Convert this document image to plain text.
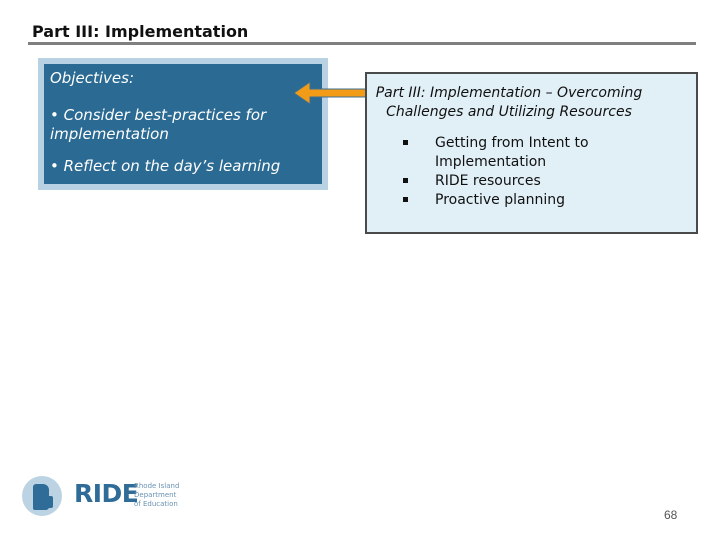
Part III: Implementation
Objectives:
• Consider best-practices for implementation
• Reflect on the day’s learning
Part III: Implementation – Overcoming Challenges and Utilizing Resources
Getting from Intent to Implementation
RIDE resources
Proactive planning
RIDE
Rhode Island
Department
of Education
68
